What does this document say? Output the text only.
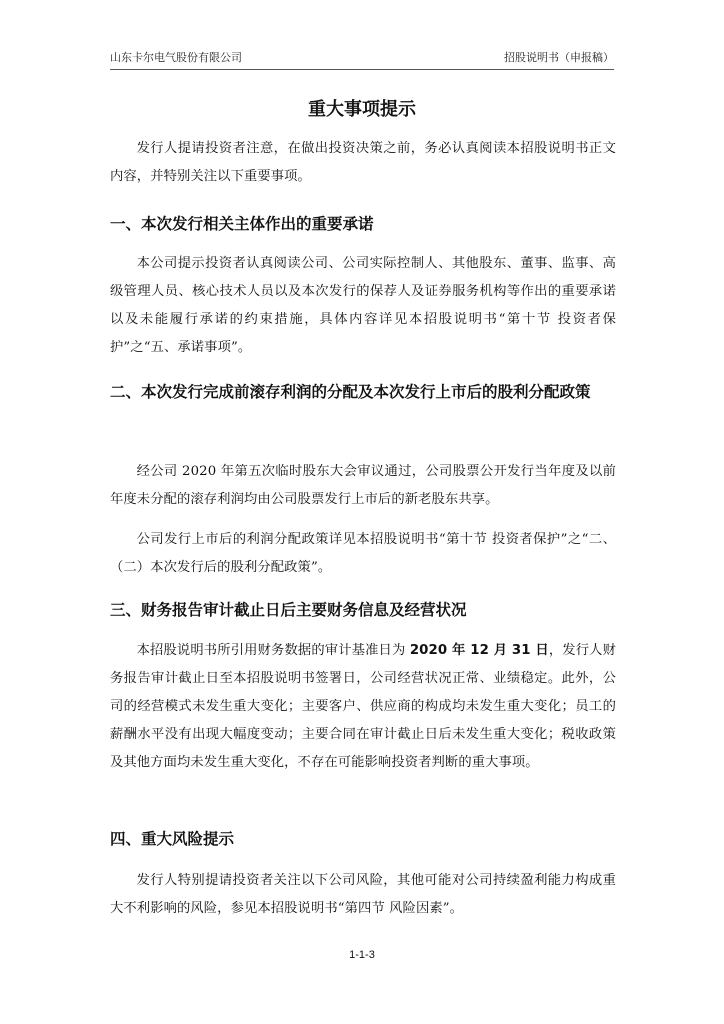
山东卡尔电气股份有限公司	招股说明书（申报稿）
重大事项提示
发行人提请投资者注意，在做出投资决策之前，务必认真阅读本招股说明书正文内容，并特别关注以下重要事项。
一、本次发行相关主体作出的重要承诺
本公司提示投资者认真阅读公司、公司实际控制人、其他股东、董事、监事、高级管理人员、核心技术人员以及本次发行的保荐人及证券服务机构等作出的重要承诺以及未能履行承诺的约束措施，具体内容详见本招股说明书“第十节 投资者保护”之“五、承诺事项”。
二、本次发行完成前滚存利润的分配及本次发行上市后的股利分配政策
经公司 2020 年第五次临时股东大会审议通过，公司股票公开发行当年度及以前年度未分配的滚存利润均由公司股票发行上市后的新老股东共享。
公司发行上市后的利润分配政策详见本招股说明书“第十节 投资者保护”之“二、（二）本次发行后的股利分配政策”。
三、财务报告审计截止日后主要财务信息及经营状况
本招股说明书所引用财务数据的审计基准日为 2020 年 12 月 31 日，发行人财务报告审计截止日至本招股说明书签署日，公司经营状况正常、业绩稳定。此外，公司的经营模式未发生重大变化；主要客户、供应商的构成均未发生重大变化；员工的薪酬水平没有出现大幅度变动；主要合同在审计截止日后未发生重大变化；税收政策及其他方面均未发生重大变化，不存在可能影响投资者判断的重大事项。
四、重大风险提示
发行人特别提请投资者关注以下公司风险，其他可能对公司持续盈利能力构成重大不利影响的风险，参见本招股说明书“第四节 风险因素”。
1-1-3
